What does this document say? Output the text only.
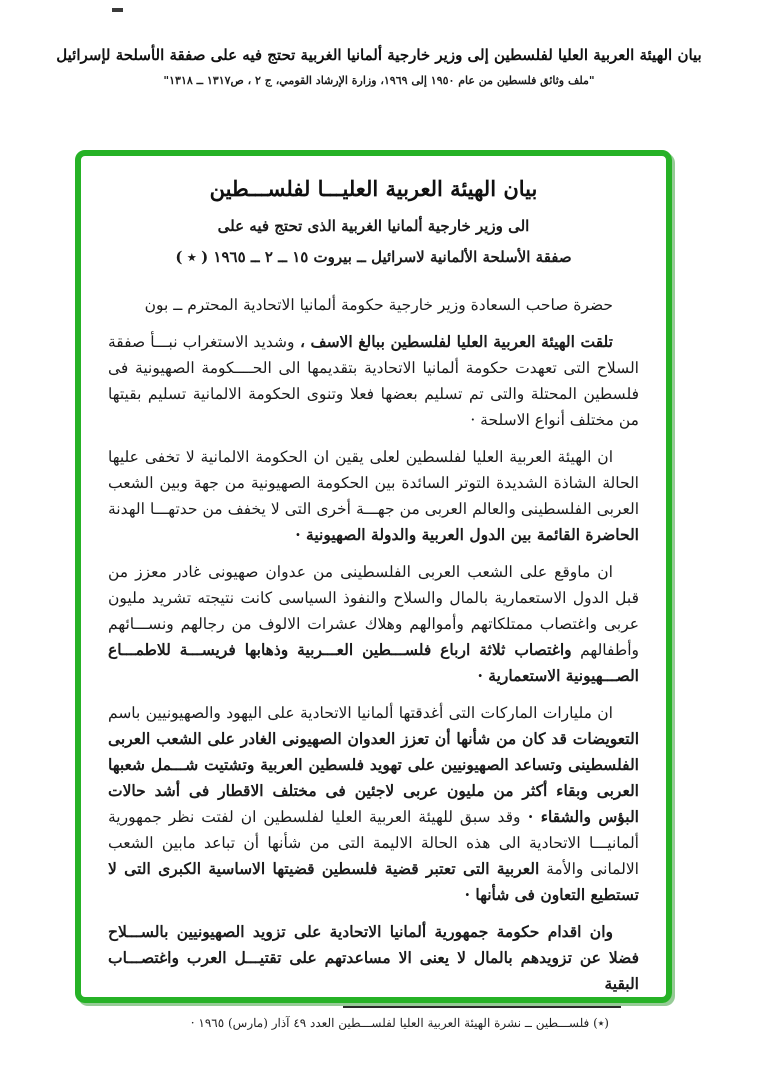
بيان الهيئة العربية العليا لفلسطين إلى وزير خارجية ألمانيا الغربية تحتج فيه على صفقة الأسلحة لإسرائيل
"ملف وثائق فلسطين من عام ١٩٥٠ إلى ١٩٦٩، وزارة الإرشاد القومي، ج ٢ ، ص١٣١٧ ــ ١٣١٨"
بيان الهيئة العربية العليـــا لفلســـطين
الى وزير خارجية ألمانيا الغربية الذى تحتج فيه على
صفقة الأسلحة الألمانية لاسرائيل ــ بيروت ١٥ ــ ٢ ــ ١٩٦٥ ( ٭ )

حضرة صاحب السعادة وزير خارجية حكومة ألمانيا الاتحادية المحترم ــ بون

تلقت الهيئة العربية العليا لفلسطين ببالغ الاسف ، وشديد الاستغراب نبـــأ صفقة السلاح التى تعهدت حكومة ألمانيا الاتحادية بتقديمها الى الحــــكومة الصهيونية فى فلسطين المحتلة والتى تم تسليم بعضها فعلا وتنوى الحكومة الالمانية تسليم بقيتها من مختلف أنواع الاسلحة ·

ان الهيئة العربية العليا لفلسطين لعلى يقين ان الحكومة الالمانية لا تخفى عليها الحالة الشاذة الشديدة التوتر السائدة بين الحكومة الصهيونية من جهة وبين الشعب العربى الفلسطينى والعالم العربى من جهـــة أخرى التى لا يخفف من حدتهـــا الهدنة الحاضرة القائمة بين الدول العربية والدولة الصهيونية ·

ان ماوقع على الشعب العربى الفلسطينى من عدوان صهيونى غادر معزز من قبل الدول الاستعمارية بالمال والسلاح والنفوذ السياسى كانت نتيجته تشريد مليون عربى واغتصاب ممتلكاتهم وأموالهم وهلاك عشرات الالوف من رجالهم ونســـائهم وأطفالهم واغتصاب ثلاثة ارباع فلســـطين العـــربية وذهابها فريســـة للاطمـــاع الصـــهيونية الاستعمارية ·

ان مليارات الماركات التى أغدقتها ألمانيا الاتحادية على اليهود والصهيونيين باسم التعويضات قد كان من شأنها أن تعزز العدوان الصهيونى الغادر على الشعب العربى الفلسطينى وتساعد الصهيونيين على تهويد فلسطين العربية وتشتيت شـــمل شعبها العربى وبقاء أكثر من مليون عربى لاجئين فى مختلف الاقطار فى أشد حالات البؤس والشقاء · وقد سبق للهيئة العربية العليا لفلسطين ان لفتت نظر جمهورية ألمانيـــا الاتحادية الى هذه الحالة الاليمة التى من شأنها أن تباعد مابين الشعب الالمانى والأمة العربية التى تعتبر قضية فلسطين قضيتها الاساسية الكبرى التى لا تستطيع التعاون فى شأنها ·

وان اقدام حكومة جمهورية ألمانيا الاتحادية على تزويد الصهيونيين بالســـلاح فضلا عن تزويدهم بالمال لا يعنى الا مساعدتهم على تقتيـــل العرب واغتصـــاب البقية

(٭) فلســـطين ــ نشرة الهيئة العربية العليا لفلســـطين العدد ٤٩ آذار (مارس) ١٩٦٥ ·
